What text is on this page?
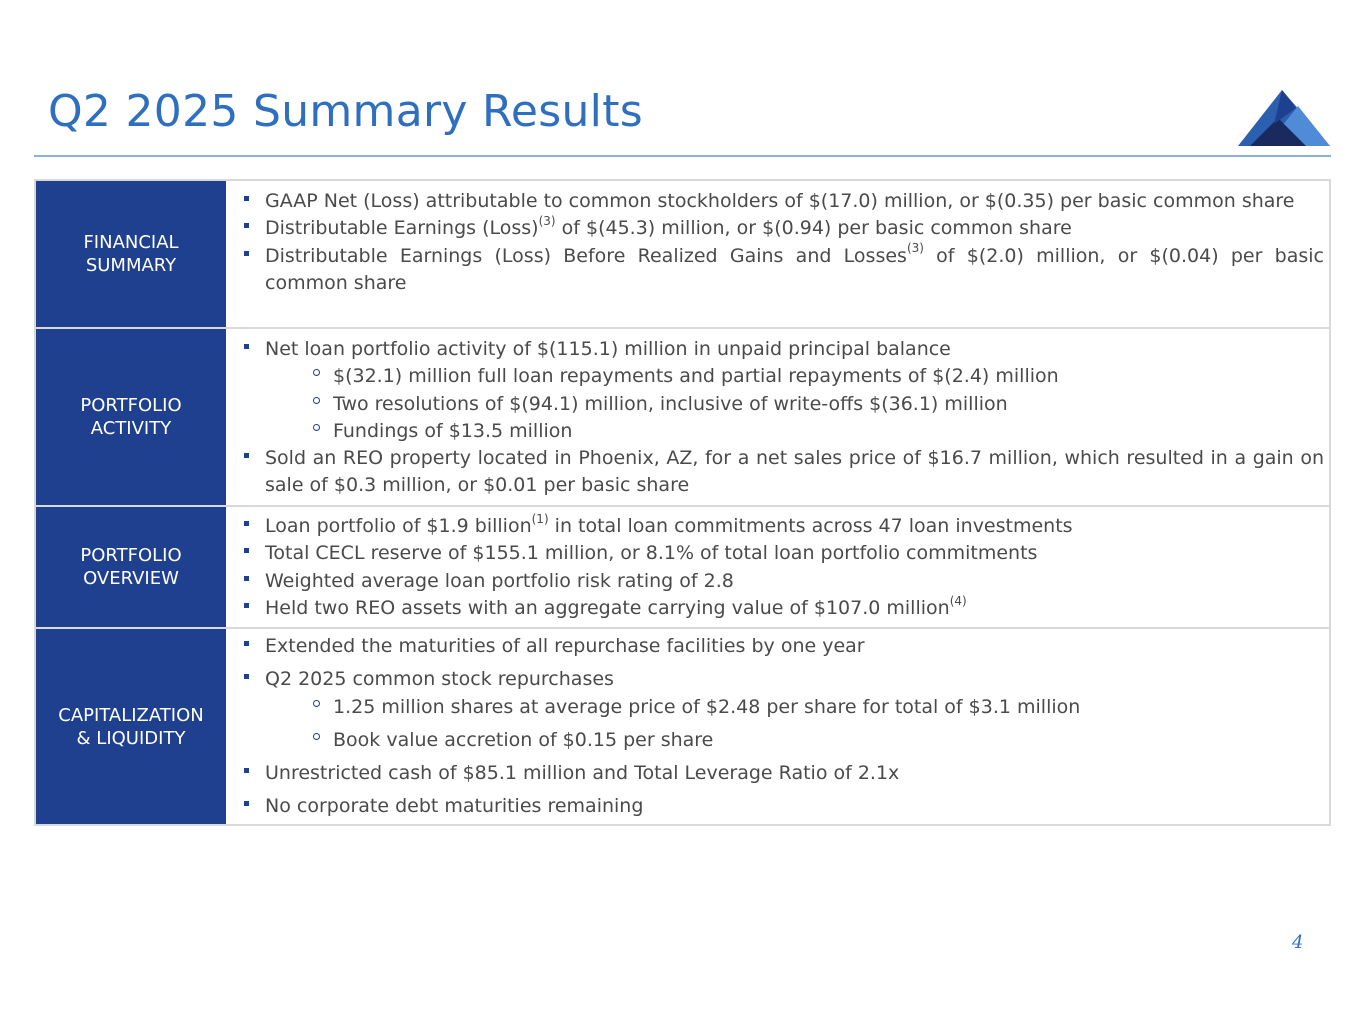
Q2 2025 Summary Results
FINANCIAL
SUMMARY
GAAP Net (Loss) attributable to common stockholders of $(17.0) million, or $(0.35) per basic common share
Distributable Earnings (Loss)$^{(3)}$ of $(45.3) million, or $(0.94) per basic common share
Distributable Earnings (Loss) Before Realized Gains and Losses$^{(3)}$ of $(2.0) million, or $(0.04) per basic common share
PORTFOLIO
ACTIVITY
Net loan portfolio activity of $(115.1) million in unpaid principal balance
$(32.1) million full loan repayments and partial repayments of $(2.4) million
Two resolutions of $(94.1) million, inclusive of write-offs $(36.1) million
Fundings of $13.5 million
Sold an REO property located in Phoenix, AZ, for a net sales price of $16.7 million, which resulted in a gain on sale of $0.3 million, or $0.01 per basic share
PORTFOLIO
OVERVIEW
Loan portfolio of $1.9 billion$^{(1)}$ in total loan commitments across 47 loan investments
Total CECL reserve of $155.1 million, or 8.1% of total loan portfolio commitments
Weighted average loan portfolio risk rating of 2.8
Held two REO assets with an aggregate carrying value of $107.0 million$^{(4)}$
CAPITALIZATION
& LIQUIDITY
Extended the maturities of all repurchase facilities by one year
Q2 2025 common stock repurchases
1.25 million shares at average price of $2.48 per share for total of $3.1 million
Book value accretion of $0.15 per share
Unrestricted cash of $85.1 million and Total Leverage Ratio of 2.1x
No corporate debt maturities remaining
4
